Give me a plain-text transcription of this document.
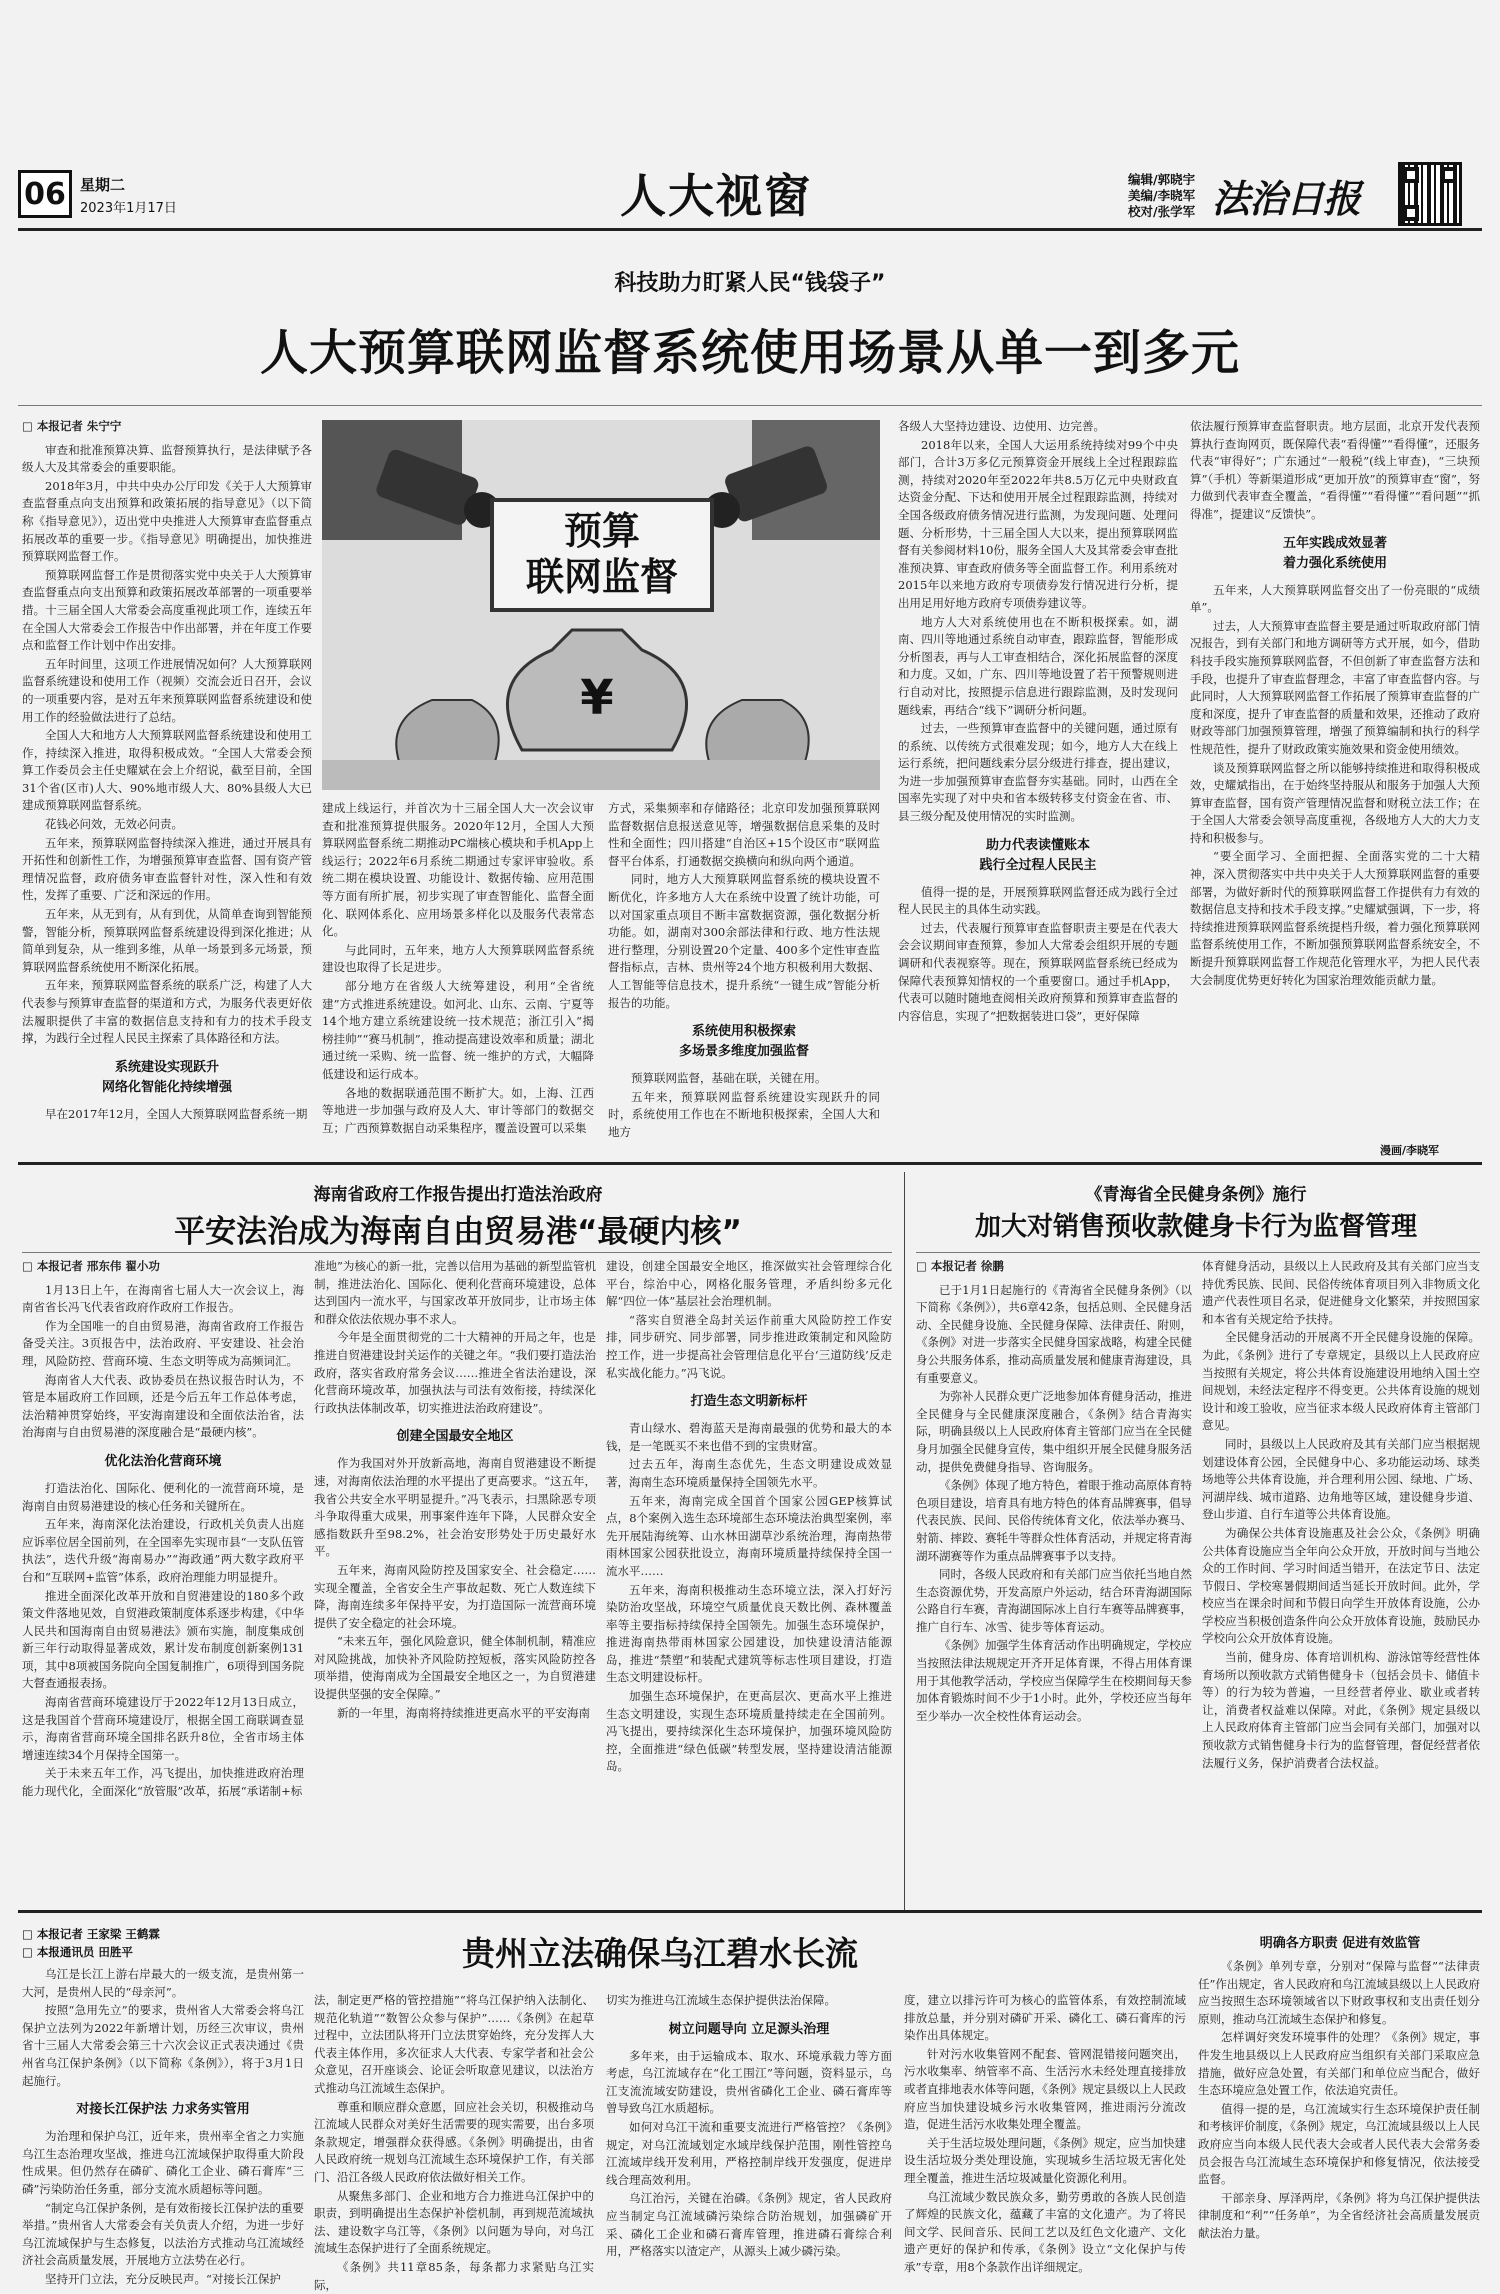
06 星期二
2023年1月17日	人大视窗	编辑/郭晓宇
美编/李晓军
校对/张学军 法治日报
科技助力盯紧人民“钱袋子”
人大预算联网监督系统使用场景从单一到多元
预算
联网监督
¥
□ 本报记者 朱宁宁

审查和批准预算决算、监督预算执行，是法律赋予各级人大及其常委会的重要职能。

2018年3月，中共中央办公厅印发《关于人大预算审查监督重点向支出预算和政策拓展的指导意见》（以下简称《指导意见》），迈出党中央推进人大预算审查监督重点拓展改革的重要一步。《指导意见》明确提出，加快推进预算联网监督工作。

预算联网监督工作是贯彻落实党中央关于人大预算审查监督重点向支出预算和政策拓展改革部署的一项重要举措。十三届全国人大常委会高度重视此项工作，连续五年在全国人大常委会工作报告中作出部署，并在年度工作要点和监督工作计划中作出安排。

五年时间里，这项工作进展情况如何？人大预算联网监督系统建设和使用工作（视频）交流会近日召开，会议的一项重要内容，是对五年来预算联网监督系统建设和使用工作的经验做法进行了总结。

全国人大和地方人大预算联网监督系统建设和使用工作，持续深入推进，取得积极成效。“全国人大常委会预算工作委员会主任史耀斌在会上介绍说，截至目前，全国31个省(区市)人大、90%地市级人大、80%县级人大已建成预算联网监督系统。

花钱必问效，无效必问责。

五年来，预算联网监督持续深入推进，通过开展具有开拓性和创新性工作，为增强预算审查监督、国有资产管理情况监督，政府债务审查监督针对性，深入性和有效性，发挥了重要、广泛和深远的作用。

五年来，从无到有，从有到优，从简单查询到智能预警，智能分析，预算联网监督系统建设得到深化推进；从简单到复杂，从一维到多维，从单一场景到多元场景，预算联网监督系统使用不断深化拓展。

五年来，预算联网监督系统的联系广泛，构建了人大代表参与预算审查监督的渠道和方式，为服务代表更好依法履职提供了丰富的数据信息支持和有力的技术手段支撑，为践行全过程人民民主探索了具体路径和方法。

系统建设实现跃升
网络化智能化持续增强

早在2017年12月，全国人大预算联网监督系统一期

建成上线运行，并首次为十三届全国人大一次会议审查和批准预算提供服务。2020年12月，全国人大预算联网监督系统二期推动PC端核心模块和手机App上线运行；2022年6月系统二期通过专家评审验收。系统二期在模块设置、功能设计、数据传输、应用范围等方面有所扩展，初步实现了审查智能化、监督全面化、联网体系化、应用场景多样化以及服务代表常态化。

与此同时，五年来，地方人大预算联网监督系统建设也取得了长足进步。

部分地方在省级人大统筹建设，利用“全省统建”方式推进系统建设。如河北、山东、云南、宁夏等14个地方建立系统建设统一技术规范；浙江引入“揭榜挂帅”“赛马机制”，推动提高建设效率和质量；湖北通过统一采购、统一监督、统一维护的方式，大幅降低建设和运行成本。

各地的数据联通范围不断扩大。如，上海、江西等地进一步加强与政府及人大、审计等部门的数据交互；广西预算数据自动采集程序，覆盖设置可以采集

方式，采集频率和存储路径；北京印发加强预算联网监督数据信息报送意见等，增强数据信息采集的及时性和全面性；四川搭建“自治区+15个设区市”联网监督平台体系，打通数据交换横向和纵向两个通道。

同时，地方人大预算联网监督系统的模块设置不断优化，许多地方人大在系统中设置了统计功能，可以对国家重点项目不断丰富数据资源，强化数据分析功能。如，湖南对300余部法律和行政、地方性法规进行整理，分别设置20个定量、400多个定性审查监督指标点，吉林、贵州等24个地方积极利用大数据、人工智能等信息技术，提升系统“一键生成”智能分析报告的功能。

系统使用积极探索
多场景多维度加强监督

预算联网监督，基础在联，关键在用。

五年来，预算联网监督系统建设实现跃升的同时，系统使用工作也在不断地积极探索，全国人大和地方

各级人大坚持边建设、边使用、边完善。

2018年以来，全国人大运用系统持续对99个中央部门，合计3万多亿元预算资金开展线上全过程跟踪监测，持续对2020年至2022年共8.5万亿元中央财政直达资金分配、下达和使用开展全过程跟踪监测，持续对全国各级政府债务情况进行监测，为发现问题、处理问题、分析形势，十三届全国人大以来，提出预算联网监督有关参阅材料10份，服务全国人大及其常委会审查批准预决算、审查政府债务等全面监督工作。利用系统对2015年以来地方政府专项债券发行情况进行分析，提出用足用好地方政府专项债券建议等。

地方人大对系统使用也在不断积极探索。如，湖南、四川等地通过系统自动审查，跟踪监督，智能形成分析图表，再与人工审查相结合，深化拓展监督的深度和力度。又如，广东、四川等地设置了若干预警规则进行自动对比，按照提示信息进行跟踪监测，及时发现问题线索，再结合“线下”调研分析问题。

过去，一些预算审查监督中的关键问题，通过原有的系统、以传统方式很难发现；如今，地方人大在线上运行系统，把问题线索分层分级进行排查，提出建议，为进一步加强预算审查监督夯实基础。同时，山西在全国率先实现了对中央和省本级转移支付资金在省、市、县三级分配及使用情况的实时监测。

助力代表读懂账本
践行全过程人民民主

值得一提的是，开展预算联网监督还成为践行全过程人民民主的具体生动实践。

过去，代表履行预算审查监督职责主要是在代表大会会议期间审查预算，参加人大常委会组织开展的专题调研和代表视察等。现在，预算联网监督系统已经成为保障代表预算知情权的一个重要窗口。通过手机App，代表可以随时随地查阅相关政府预算和预算审查监督的内容信息，实现了“把数据装进口袋”，更好保障

依法履行预算审查监督职责。地方层面，北京开发代表预算执行查询网页，既保障代表“看得懂”“看得懂”，还服务代表“审得好”；广东通过“一般税”(线上审查)，“三块预算”（手机）等新渠道形成“更加开放”的预算审查“窗”，努力做到代表审查全覆盖，“看得懂”“看得懂”“看问题”“抓得准”，提建议“反馈快”。

五年实践成效显著
着力强化系统使用

五年来，人大预算联网监督交出了一份亮眼的“成绩单”。

过去，人大预算审查监督主要是通过听取政府部门情况报告，到有关部门和地方调研等方式开展，如今，借助科技手段实施预算联网监督，不但创新了审查监督方法和手段，也提升了审查监督理念，丰富了审查监督内容。与此同时，人大预算联网监督工作拓展了预算审查监督的广度和深度，提升了审查监督的质量和效果，还推动了政府财政等部门加强预算管理，增强了预算编制和执行的科学性规范性，提升了财政政策实施效果和资金使用绩效。

谈及预算联网监督之所以能够持续推进和取得积极成效，史耀斌指出，在于始终坚持服从和服务于加强人大预算审查监督，国有资产管理情况监督和财税立法工作；在于全国人大常委会领导高度重视，各级地方人大的大力支持和积极参与。

“要全面学习、全面把握、全面落实党的二十大精神，深入贯彻落实中共中央关于人大预算联网监督的重要部署，为做好新时代的预算联网监督工作提供有力有效的数据信息支持和技术手段支撑。”史耀斌强调，下一步，将持续推进预算联网监督系统提档升级，着力强化预算联网监督系统使用工作，不断加强预算联网监督系统安全，不断提升预算联网监督工作规范化管理水平，为把人民代表大会制度优势更好转化为国家治理效能贡献力量。

漫画/李晓军
海南省政府工作报告提出打造法治政府
平安法治成为海南自由贸易港“最硬内核”
□ 本报记者 邢东伟 翟小功

1月13日上午，在海南省七届人大一次会议上，海南省省长冯飞代表省政府作政府工作报告。

作为全国唯一的自由贸易港，海南省政府工作报告备受关注。3页报告中，法治政府、平安建设、社会治理，风险防控、营商环境、生态文明等成为高频词汇。

海南省人大代表、政协委员在热议报告时认为，不管是本届政府工作回顾，还是今后五年工作总体考虑，法治精神贯穿始终，平安海南建设和全面依法治省，法治海南与自由贸易港的深度融合是“最硬内核”。

优化法治化营商环境

打造法治化、国际化、便利化的一流营商环境，是海南自由贸易港建设的核心任务和关键所在。

五年来，海南深化法治建设，行政机关负责人出庭应诉率位居全国前列，在全国率先实现市县“一支队伍管执法”，迭代升级“海南易办”“海政通”两大数字政府平台和“互联网+监管”体系，政府治理能力明显提升。

推进全面深化改革开放和自贸港建设的180多个政策文件落地见效，自贸港政策制度体系逐步构建，《中华人民共和国海南自由贸易港法》颁布实施，制度集成创新三年行动取得显著成效，累计发布制度创新案例131项，其中8项被国务院向全国复制推广，6项得到国务院大督查通报表扬。

海南省营商环境建设厅于2022年12月13日成立，这是我国首个营商环境建设厅，根据全国工商联调查显示，海南省营商环境全国排名跃升8位，全省市场主体增速连续34个月保持全国第一。

关于未来五年工作，冯飞提出，加快推进政府治理能力现代化，全面深化“放管服”改革，拓展“承诺制+标

准地”为核心的新一批，完善以信用为基础的新型监管机制，推进法治化、国际化、便利化营商环境建设，总体达到国内一流水平，与国家改革开放同步，让市场主体和群众依法依规办事不求人。

今年是全面贯彻党的二十大精神的开局之年，也是推进自贸港建设封关运作的关键之年。“我们要打造法治政府，落实省政府常务会议……推进全省法治建设，深化营商环境改革，加强执法与司法有效衔接，持续深化行政执法体制改革，切实推进法治政府建设”。

创建全国最安全地区

作为我国对外开放新高地，海南自贸港建设不断提速，对海南依法治理的水平提出了更高要求。“这五年，我省公共安全水平明显提升。”冯飞表示，扫黑除恶专项斗争取得重大成果，刑事案件连年下降，人民群众安全感指数跃升至98.2%，社会治安形势处于历史最好水平。

五年来，海南风险防控及国家安全、社会稳定……实现全覆盖，全省安全生产事故起数、死亡人数连续下降，海南连续多年保持平安，为打造国际一流营商环境提供了安全稳定的社会环境。

“未来五年，强化风险意识，健全体制机制，精准应对风险挑战，加快补齐风险防控短板，落实风险防控各项举措，使海南成为全国最安全地区之一，为自贸港建设提供坚强的安全保障。”

新的一年里，海南将持续推进更高水平的平安海南

建设，创建全国最安全地区，推深做实社会管理综合化平台，综治中心，网格化服务管理，矛盾纠纷多元化解“四位一体”基层社会治理机制。

“落实自贸港全岛封关运作前重大风险防控工作安排，同步研究、同步部署，同步推进政策制定和风险防控工作，进一步提高社会管理信息化平台‘三道防线’反走私实战化能力。”冯飞说。

打造生态文明新标杆

青山绿水、碧海蓝天是海南最强的优势和最大的本钱，是一笔既买不来也借不到的宝贵财富。

过去五年，海南生态优先，生态文明建设成效显著，海南生态环境质量保持全国领先水平。

五年来，海南完成全国首个国家公园GEP核算试点，8个案例入选生态环境部生态环境法治典型案例，率先开展陆海统筹、山水林田湖草沙系统治理，海南热带雨林国家公园获批设立，海南环境质量持续保持全国一流水平……

五年来，海南积极推动生态环境立法，深入打好污染防治攻坚战，环境空气质量优良天数比例、森林覆盖率等主要指标持续保持全国领先。加强生态环境保护，推进海南热带雨林国家公园建设，加快建设清洁能源岛，推进“禁塑”和装配式建筑等标志性项目建设，打造生态文明建设标杆。

加强生态环境保护，在更高层次、更高水平上推进生态文明建设，实现生态环境质量持续走在全国前列。冯飞提出，要持续深化生态环境保护，加强环境风险防控，全面推进“绿色低碳”转型发展，坚持建设清洁能源岛。

《青海省全民健身条例》施行
加大对销售预收款健身卡行为监督管理
□ 本报记者 徐鹏

已于1月1日起施行的《青海省全民健身条例》（以下简称《条例》），共6章42条，包括总则、全民健身活动、全民健身设施、全民健身保障、法律责任、附则，《条例》对进一步落实全民健身国家战略，构建全民健身公共服务体系，推动高质量发展和健康青海建设，具有重要意义。

为弥补人民群众更广泛地参加体育健身活动，推进全民健身与全民健康深度融合，《条例》结合青海实际，明确县级以上人民政府体育主管部门应当在全民健身月加强全民健身宣传，集中组织开展全民健身服务活动，提供免费健身指导、咨询服务。

《条例》体现了地方特色，着眼于推动高原体育特色项目建设，培育具有地方特色的体育品牌赛事，倡导代表民族、民间、民俗传统体育文化，依法举办赛马、射箭、摔跤、赛牦牛等群众性体育活动，并规定将青海湖环湖赛等作为重点品牌赛事予以支持。

同时，各级人民政府和有关部门应当依托当地自然生态资源优势，开发高原户外运动，结合环青海湖国际公路自行车赛，青海湖国际冰上自行车赛等品牌赛事，推广自行车、冰雪、徒步等体育运动。

《条例》加强学生体育活动作出明确规定，学校应当按照法律法规规定开齐开足体育课，不得占用体育课用于其他教学活动，学校应当保障学生在校期间每天参加体育锻炼时间不少于1小时。此外，学校还应当每年至少举办一次全校性体育运动会。

体育健身活动，县级以上人民政府及其有关部门应当支持优秀民族、民间、民俗传统体育项目列入非物质文化遗产代表性项目名录，促进健身文化繁荣，并按照国家和本省有关规定给予扶持。

全民健身活动的开展离不开全民健身设施的保障。为此，《条例》进行了专章规定，县级以上人民政府应当按照有关规定，将公共体育设施建设用地纳入国土空间规划，未经法定程序不得变更。公共体育设施的规划设计和竣工验收，应当征求本级人民政府体育主管部门意见。

同时，县级以上人民政府及其有关部门应当根据规划建设体育公园，全民健身中心、多功能运动场、球类场地等公共体育设施，并合理利用公园、绿地、广场、河湖岸线、城市道路、边角地等区域，建设健身步道、登山步道、自行车道等公共体育设施。

为确保公共体育设施惠及社会公众，《条例》明确公共体育设施应当全年向公众开放，开放时间与当地公众的工作时间、学习时间适当错开，在法定节日、法定节假日、学校寒暑假期间适当延长开放时间。此外，学校应当在课余时间和节假日向学生开放体育设施，公办学校应当积极创造条件向公众开放体育设施，鼓励民办学校向公众开放体育设施。

当前，健身房、体育培训机构、游泳馆等经营性体育场所以预收款方式销售健身卡（包括会员卡、储值卡等）的行为较为普遍，一旦经营者停业、歇业或者转让，消费者权益难以保障。对此，《条例》规定县级以上人民政府体育主管部门应当会同有关部门，加强对以预收款方式销售健身卡行为的监督管理，督促经营者依法履行义务，保护消费者合法权益。

□ 本报记者 王家梁 王鹤霖
□ 本报通讯员 田胜平	贵州立法确保乌江碧水长流	明确各方职责 促进有效监管

乌江是长江上游右岸最大的一级支流，是贵州第一大河，是贵州人民的“母亲河”。

按照“急用先立”的要求，贵州省人大常委会将乌江保护立法列为2022年新增计划，历经三次审议，贵州省十三届人大常委会第三十六次会议正式表决通过《贵州省乌江保护条例》（以下简称《条例》），将于3月1日起施行。

对接长江保护法 力求务实管用

为治理和保护乌江，近年来，贵州率全省之力实施乌江生态治理攻坚战，推进乌江流域保护取得重大阶段性成果。但仍然存在磷矿、磷化工企业、磷石膏库“三磷”污染防治任务重，部分支流水质超标等问题。

“制定乌江保护条例，是有效衔接长江保护法的重要举措。”贵州省人大常委会有关负责人介绍，为进一步好乌江流域保护与生态修复，以法治方式推动乌江流域经济社会高质量发展，开展地方立法势在必行。

坚持开门立法，充分反映民声。“对接长江保护

法，制定更严格的管控措施”“将乌江保护纳入法制化、规范化轨道”“数智公众参与保护”……《条例》在起草过程中，立法团队将开门立法贯穿始终，充分发挥人大代表主体作用，多次征求人大代表、专家学者和社会公众意见，召开座谈会、论证会听取意见建议，以法治方式推动乌江流域生态保护。

尊重和顺应群众意愿，回应社会关切，积极推动乌江流域人民群众对美好生活需要的现实需要，出台多项条款规定，增强群众获得感。《条例》明确提出，由省人民政府统一规划乌江流域生态环境保护工作，有关部门、沿江各级人民政府依法做好相关工作。

从聚焦多部门、企业和地方合力推进乌江保护中的职责，到明确提出生态保护补偿机制，再到规范流域执法、建设数字乌江等，《条例》以问题为导向，对乌江流域生态保护进行了全面系统规定。

《条例》共11章85条，每条都力求紧贴乌江实际，

切实为推进乌江流域生态保护提供法治保障。

树立问题导向 立足源头治理

多年来，由于运输成本、取水、环境承载力等方面考虑，乌江流域存在“化工围江”等问题，资料显示，乌江支流流域安防建设，贵州省磷化工企业、磷石膏库等曾导致乌江水质超标。

如何对乌江干流和重要支流进行严格管控？《条例》规定，对乌江流域划定水域岸线保护范围，刚性管控乌江流域岸线开发利用，严格控制岸线开发强度，促进岸线合理高效利用。

乌江治污，关键在治磷。《条例》规定，省人民政府应当制定乌江流域磷污染综合防治规划，加强磷矿开采、磷化工企业和磷石膏库管理，推进磷石膏综合利用，严格落实以渣定产，从源头上减少磷污染。

度，建立以排污许可为核心的监管体系，有效控制流域排放总量，并分别对磷矿开采、磷化工、磷石膏库的污染作出具体规定。

针对污水收集管网不配套、管网混错接问题突出，污水收集率、纳管率不高、生活污水未经处理直接排放或者直排地表水体等问题，《条例》规定县级以上人民政府应当加快建设城乡污水收集管网，推进雨污分流改造，促进生活污水收集处理全覆盖。

关于生活垃圾处理问题，《条例》规定，应当加快建设生活垃圾分类处理设施，实现城乡生活垃圾无害化处理全覆盖，推进生活垃圾减量化资源化利用。

乌江流域少数民族众多，勤劳勇敢的各族人民创造了辉煌的民族文化，蕴藏了丰富的文化遗产。为了将民间文学、民间音乐、民间工艺以及红色文化遗产、文化遗产更好的保护和传承，《条例》设立“文化保护与传承”专章，用8个条款作出详细规定。

《条例》单列专章，分别对“保障与监督”“法律责任”作出规定，省人民政府和乌江流域县级以上人民政府应当按照生态环境领域省以下财政事权和支出责任划分原则，推动乌江流域生态保护和修复。

怎样调好突发环境事件的处理？《条例》规定，事件发生地县级以上人民政府应当组织有关部门采取应急措施，做好应急处置，有关部门和单位应当配合，做好生态环境应急处置工作，依法追究责任。

值得一提的是，乌江流域实行生态环境保护责任制和考核评价制度，《条例》规定，乌江流域县级以上人民政府应当向本级人民代表大会或者人民代表大会常务委员会报告乌江流域生态环境保护和修复情况，依法接受监督。

干部亲身、厚泽两岸，《条例》将为乌江保护提供法律制度和“利”“任务单”，为全省经济社会高质量发展贡献法治力量。
